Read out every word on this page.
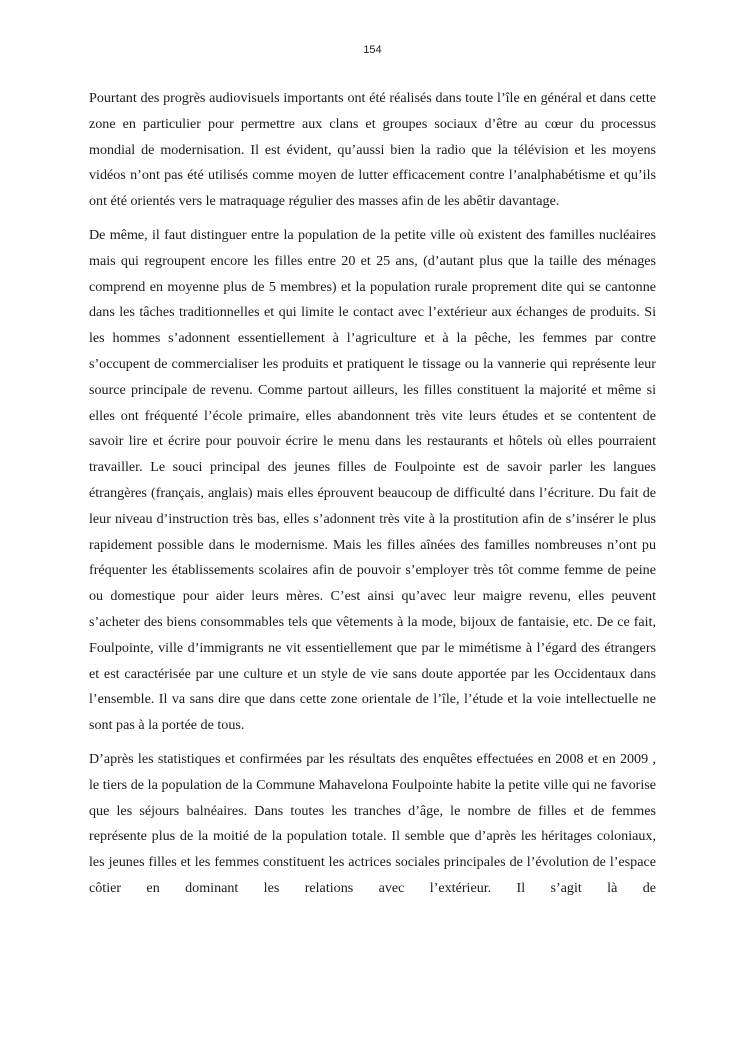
154

Pourtant des progrès audiovisuels importants ont été réalisés dans toute l’île en général et dans cette zone en particulier pour permettre aux clans et groupes sociaux d’être au cœur du processus mondial de modernisation. Il est évident, qu’aussi bien la radio que la télévision et les moyens vidéos n’ont pas été utilisés comme moyen de lutter efficacement contre l’analphabétisme et qu’ils ont été orientés vers le matraquage régulier des masses afin de les abêtir davantage.

De même, il faut distinguer entre la population de la petite ville où existent des familles nucléaires mais qui regroupent encore les filles entre 20 et 25 ans, (d’autant plus que la taille des ménages comprend en moyenne plus de 5 membres) et la population rurale proprement dite qui se cantonne dans les tâches traditionnelles et qui limite le contact avec l’extérieur aux échanges de produits. Si les hommes s’adonnent essentiellement à l’agriculture et à la pêche, les femmes par contre s’occupent de commercialiser les produits et pratiquent le tissage ou la vannerie qui représente leur source principale de revenu. Comme partout ailleurs, les filles constituent la majorité et même si elles ont fréquenté l’école primaire, elles abandonnent très vite leurs études et se contentent de savoir lire et écrire pour pouvoir écrire le menu dans les restaurants et hôtels où elles pourraient travailler. Le souci principal des jeunes filles de Foulpointe est de savoir parler les langues étrangères (français, anglais) mais elles éprouvent beaucoup de difficulté dans l’écriture. Du fait de leur niveau d’instruction très bas, elles s’adonnent très vite à la prostitution afin de s’insérer le plus rapidement possible dans le modernisme. Mais les filles aînées des familles nombreuses n’ont pu fréquenter les établissements scolaires afin de pouvoir s’employer très tôt comme femme de peine ou domestique pour aider leurs mères. C’est ainsi qu’avec leur maigre revenu, elles peuvent s’acheter des biens consommables tels que vêtements à la mode, bijoux de fantaisie, etc. De ce fait, Foulpointe, ville d’immigrants ne vit essentiellement que par le mimétisme à l’égard des étrangers et est caractérisée par une culture et un style de vie sans doute apportée par les Occidentaux dans l’ensemble. Il va sans dire que dans cette zone orientale de l’île, l’étude et la voie intellectuelle ne sont pas à la portée de tous.

D’après les statistiques et confirmées par les résultats des enquêtes effectuées en 2008 et en 2009 , le tiers de la population de la Commune Mahavelona Foulpointe habite la petite ville qui ne favorise que les séjours balnéaires. Dans toutes les tranches d’âge, le nombre de filles et de femmes représente plus de la moitié de la population totale. Il semble que d’après les héritages coloniaux, les jeunes filles et les femmes constituent les actrices sociales principales de l’évolution de l’espace côtier en dominant les relations avec l’extérieur. Il s’agit là de
